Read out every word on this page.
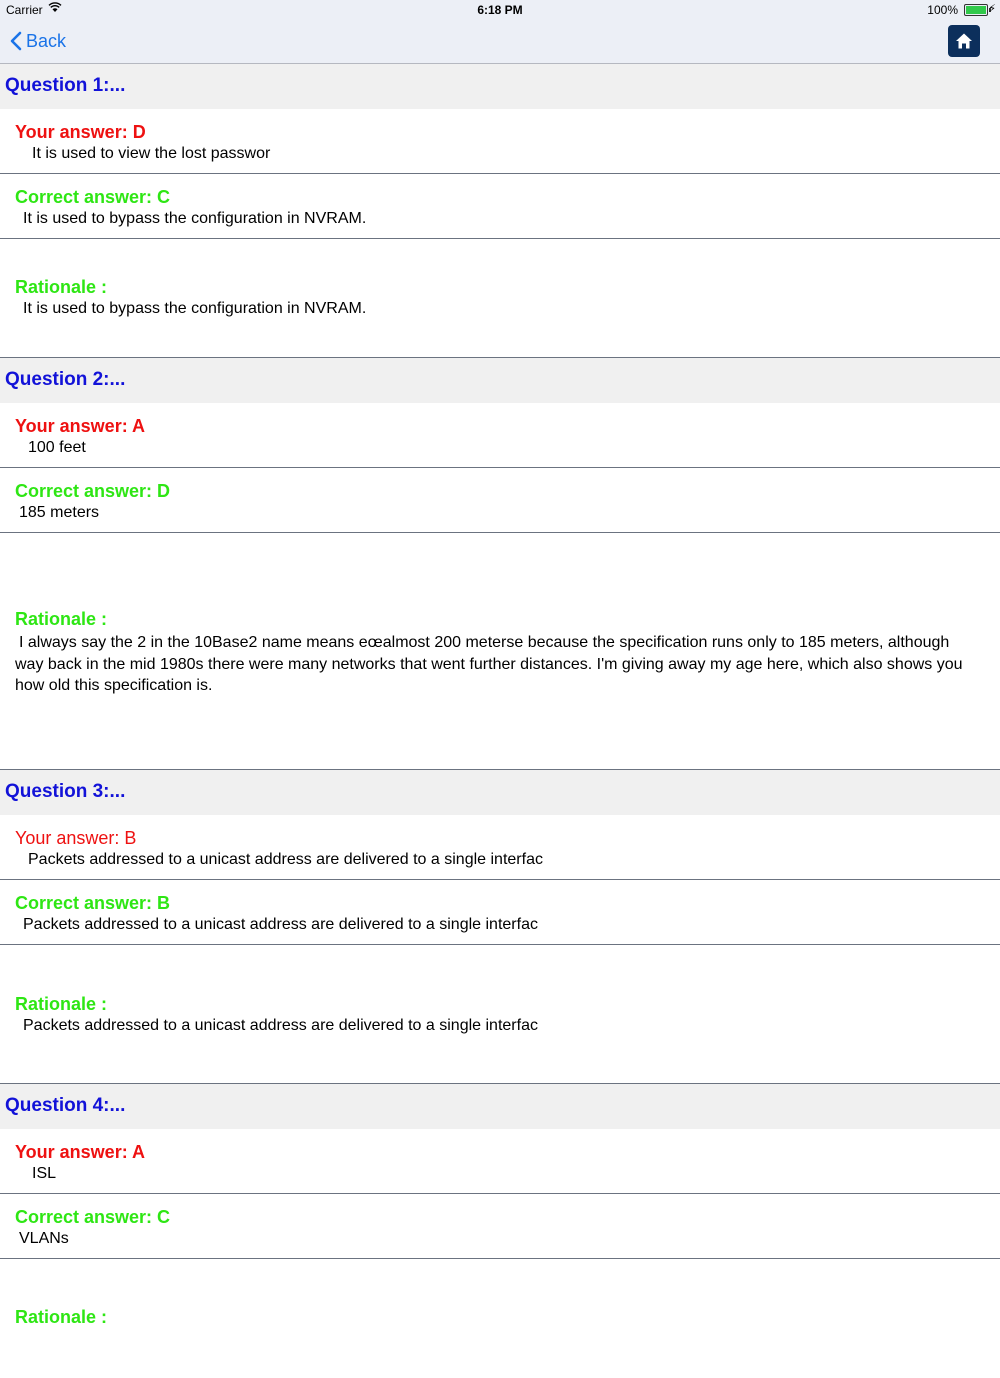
Carrier	6:18 PM	100%	⚡
Back
Question 1:...
Your answer: D
It is used to view the lost passwor
Correct answer: C
It is used to bypass the configuration in NVRAM.
Rationale :
It is used to bypass the configuration in NVRAM.
Question 2:...
Your answer: A
100 feet
Correct answer: D
185 meters
Rationale :
I always say the 2 in the 10Base2 name means eœalmost 200 meterse because the specification runs only to 185 meters, although way back in the mid 1980s there were many networks that went further distances. I'm giving away my age here, which also shows you how old this specification is.
Question 3:...
Your answer: B
Packets addressed to a unicast address are delivered to a single interfac
Correct answer: B
Packets addressed to a unicast address are delivered to a single interfac
Rationale :
Packets addressed to a unicast address are delivered to a single interfac
Question 4:...
Your answer: A
ISL
Correct answer: C
VLANs
Rationale :
